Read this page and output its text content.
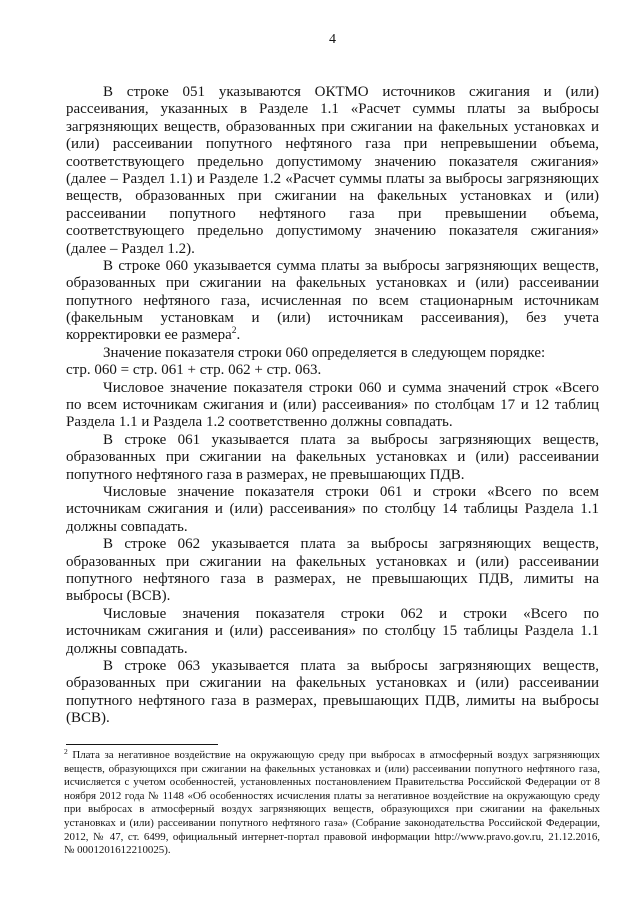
4
В строке 051 указываются ОКТМО источников сжигания и (или)
рассеивания, указанных в Разделе 1.1 «Расчет суммы платы за выбросы
загрязняющих веществ, образованных при сжигании на факельных установках и
(или) рассеивании попутного нефтяного газа при непревышении объема,
соответствующего предельно допустимому значению показателя сжигания»
(далее – Раздел 1.1) и Разделе 1.2 «Расчет суммы платы за выбросы загрязняющих
веществ, образованных при сжигании на факельных установках и (или)
рассеивании попутного нефтяного газа при превышении объема,
соответствующего предельно допустимому значению показателя сжигания»
(далее – Раздел 1.2).
В строке 060 указывается сумма платы за выбросы загрязняющих веществ,
образованных при сжигании на факельных установках и (или) рассеивании
попутного нефтяного газа, исчисленная по всем стационарным источникам
(факельным установкам и (или) источникам рассеивания), без учета
корректировки ее размера$^2$.
Значение показателя строки 060 определяется в следующем порядке:
стр. 060 = стр. 061 + стр. 062 + стр. 063.
Числовое значение показателя строки 060 и сумма значений строк «Всего
по всем источникам сжигания и (или) рассеивания» по столбцам 17 и 12 таблиц
Раздела 1.1 и Раздела 1.2 соответственно должны совпадать.
В строке 061 указывается плата за выбросы загрязняющих веществ,
образованных при сжигании на факельных установках и (или) рассеивании
попутного нефтяного газа в размерах, не превышающих ПДВ.
Числовые значение показателя строки 061 и строки «Всего по всем
источникам сжигания и (или) рассеивания» по столбцу 14 таблицы Раздела 1.1
должны совпадать.
В строке 062 указывается плата за выбросы загрязняющих веществ,
образованных при сжигании на факельных установках и (или) рассеивании
попутного нефтяного газа в размерах, не превышающих ПДВ, лимиты на
выбросы (ВСВ).
Числовые значения показателя строки 062 и строки «Всего по
источникам сжигания и (или) рассеивания» по столбцу 15 таблицы Раздела 1.1
должны совпадать.
В строке 063 указывается плата за выбросы загрязняющих веществ,
образованных при сжигании на факельных установках и (или) рассеивании
попутного нефтяного газа в размерах, превышающих ПДВ, лимиты на выбросы
(ВСВ).
$^2$ Плата за негативное воздействие на окружающую среду при выбросах в атмосферный воздух загрязняющих
веществ, образующихся при сжигании на факельных установках и (или) рассеивании попутного нефтяного газа,
исчисляется с учетом особенностей, установленных постановлением Правительства Российской Федерации от 8
ноября 2012 года № 1148 «Об особенностях исчисления платы за негативное воздействие на окружающую среду
при выбросах в атмосферный воздух загрязняющих веществ, образующихся при сжигании на факельных
установках и (или) рассеивании попутного нефтяного газа» (Собрание законодательства Российской Федерации,
2012, № 47, ст. 6499, официальный интернет-портал правовой информации http://www.pravo.gov.ru, 21.12.2016,
№ 0001201612210025).
